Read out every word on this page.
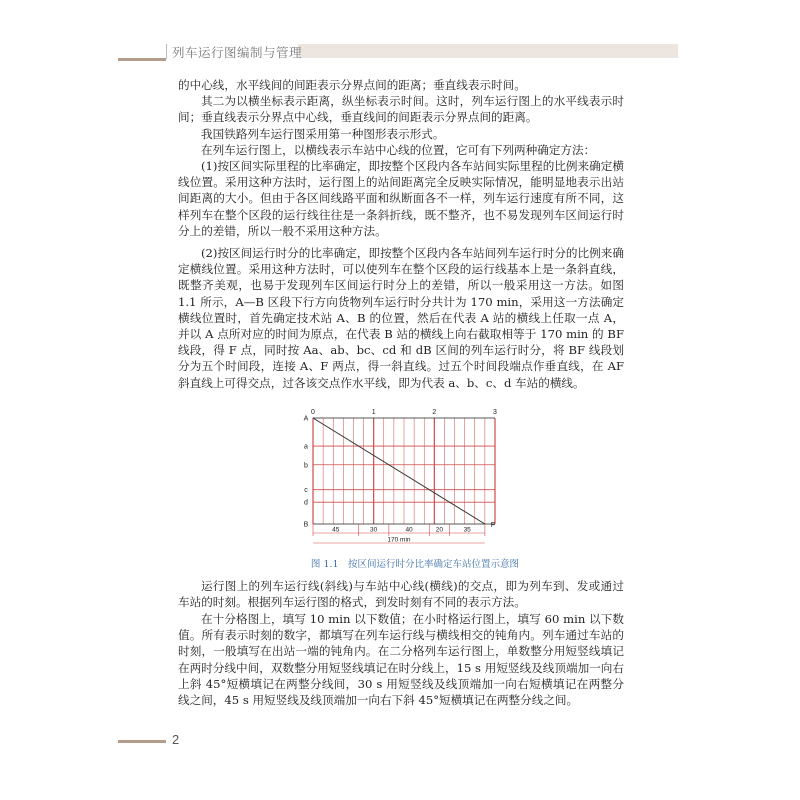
列车运行图编制与管理

的中心线，水平线间的间距表示分界点间的距离；垂直线表示时间。

其二为以横坐标表示距离，纵坐标表示时间。这时，列车运行图上的水平线表示时间；垂直线表示分界点中心线，垂直线间的间距表示分界点间的距离。

我国铁路列车运行图采用第一种图形表示形式。

在列车运行图上，以横线表示车站中心线的位置，它可有下列两种确定方法：

(1)按区间实际里程的比率确定，即按整个区段内各车站间实际里程的比例来确定横线位置。采用这种方法时，运行图上的站间距离完全反映实际情况，能明显地表示出站间距离的大小。但由于各区间线路平面和纵断面各不一样，列车运行速度有所不同，这样列车在整个区段的运行线往往是一条斜折线，既不整齐，也不易发现列车区间运行时分上的差错，所以一般不采用这种方法。

(2)按区间运行时分的比率确定，即按整个区段内各车站间列车运行时分的比例来确定横线位置。采用这种方法时，可以使列车在整个区段的运行线基本上是一条斜直线，既整齐美观，也易于发现列车区间运行时分上的差错，所以一般采用这一方法。如图 1.1 所示，A—B 区段下行方向货物列车运行时分共计为 170 min，采用这一方法确定横线位置时，首先确定技术站 A、B 的位置，然后在代表 A 站的横线上任取一点 A，并以 A 点所对应的时间为原点，在代表 B 站的横线上向右截取相等于 170 min 的 BF 线段，得 F 点，同时按 Aa、ab、bc、cd 和 dB 区间的列车运行时分，将 BF 线段划分为五个时间段，连接 A、F 两点，得一斜直线。过五个时间段端点作垂直线，在 AF 斜直线上可得交点，过各该交点作水平线，即为代表 a、b、c、d 车站的横线。

A
a
b
c
d
B
0	1	2	3
F
45	30	40	20	35
170 min
图 1.1　按区间运行时分比率确定车站位置示意图

运行图上的列车运行线(斜线)与车站中心线(横线)的交点，即为列车到、发或通过车站的时刻。根据列车运行图的格式，到发时刻有不同的表示方法。

在十分格图上，填写 10 min 以下数值；在小时格运行图上，填写 60 min 以下数值。所有表示时刻的数字，都填写在列车运行线与横线相交的钝角内。列车通过车站的时刻，一般填写在出站一端的钝角内。在二分格列车运行图上，单数整分用短竖线填记在两时分线中间，双数整分用短竖线填记在时分线上，15 s 用短竖线及线顶端加一向右上斜 45°短横填记在两整分线间，30 s 用短竖线及线顶端加一向右短横填记在两整分线之间，45 s 用短竖线及线顶端加一向右下斜 45°短横填记在两整分线之间。

2
